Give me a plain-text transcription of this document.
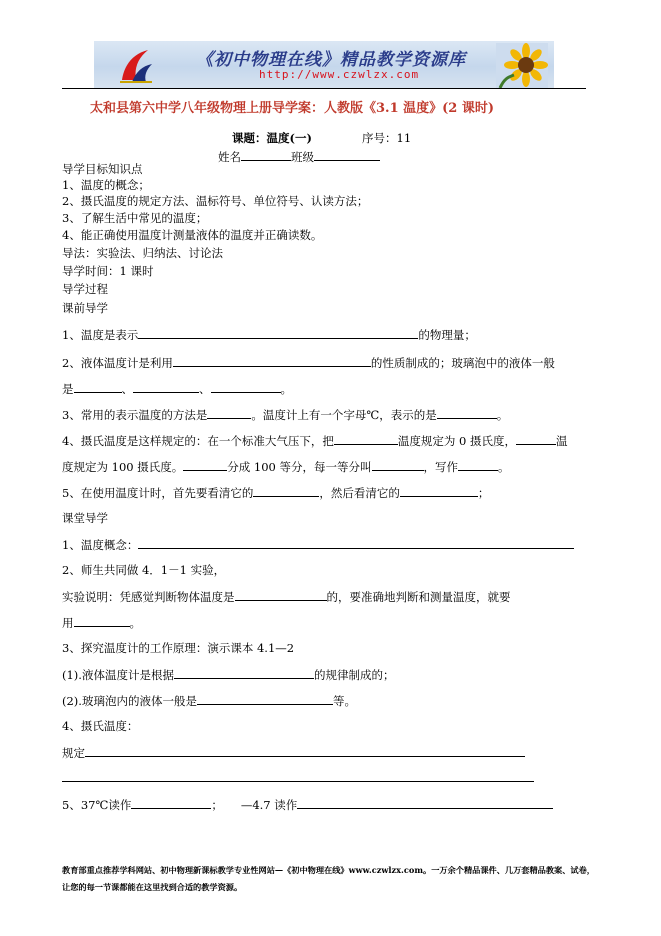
《初中物理在线》精品教学资源库
http://www.czwlzx.com
太和县第六中学八年级物理上册导学案：人教版《3.1 温度》(2 课时)
课题：温度(一)	序号：11
姓名	班级
导学目标知识点
1、温度的概念；
2、摄氏温度的规定方法、温标符号、单位符号、认读方法；
3、了解生活中常见的温度；
4、能正确使用温度计测量液体的温度并正确读数。
导法：实验法、归纳法、讨论法
导学时间：1 课时
导学过程
课前导学
1、温度是表示	的物理量；
2、液体温度计是利用	的性质制成的；玻璃泡中的液体一般
是	、	、	。
3、常用的表示温度的方法是	。温度计上有一个字母℃，表示的是	。
4、摄氏温度是这样规定的：在一个标准大气压下，把	温度规定为 0 摄氏度，	温
度规定为 100 摄氏度。	分成 100 等分，每一等分叫	，写作	。
5、在使用温度计时，首先要看清它的	，然后看清它的	；
课堂导学
1、温度概念：
2、师生共同做 4．1－1 实验，
实验说明：凭感觉判断物体温度是	的，要准确地判断和测量温度，就要
用	。
3、探究温度计的工作原理：演示课本 4.1—2
(1).液体温度计是根据	的规律制成的；
(2).玻璃泡内的液体一般是	等。
4、摄氏温度：
规定
5、37℃读作	； —4.7 读作
教育部重点推荐学科网站、初中物理新课标教学专业性网站—《初中物理在线》www.czwlzx.com。一万余个精品课件、几万套精品教案、试卷，让您的每一节课都能在这里找到合适的教学资源。
